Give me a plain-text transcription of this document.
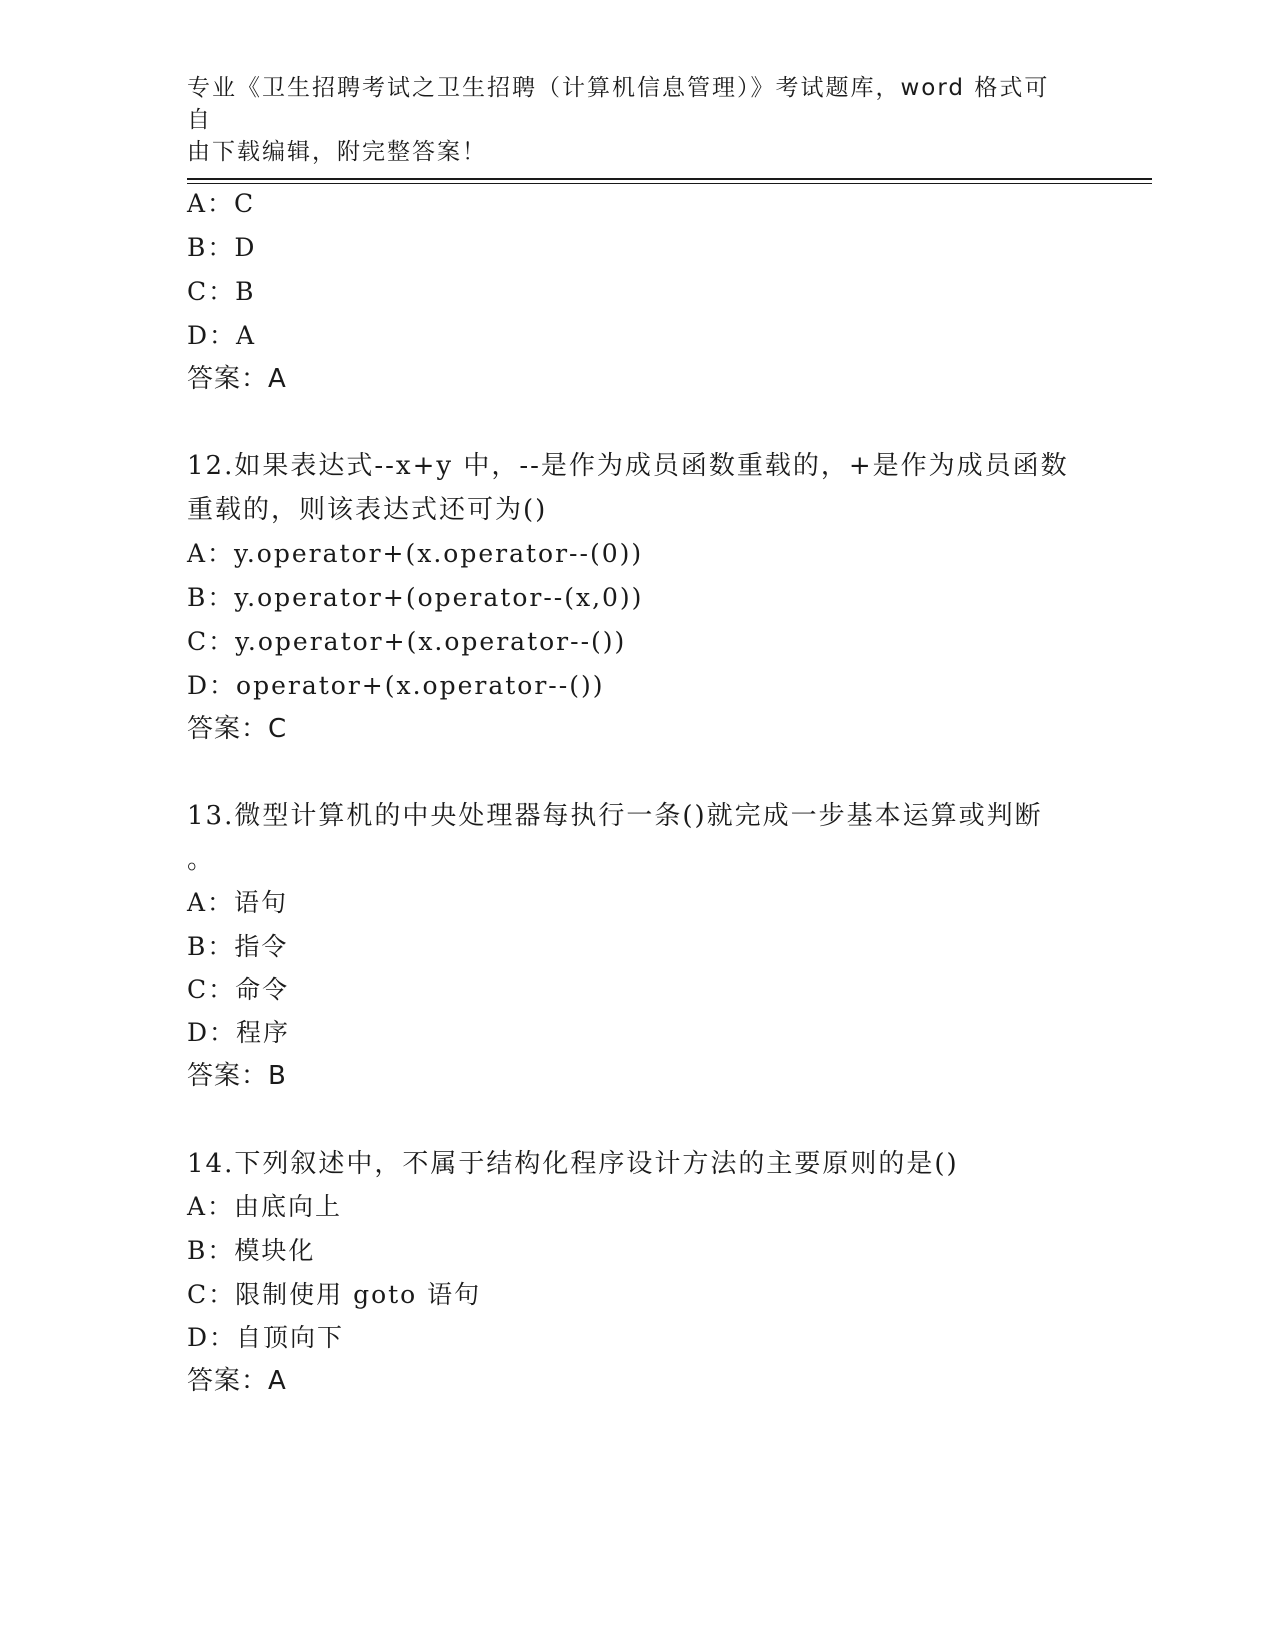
专业《卫生招聘考试之卫生招聘（计算机信息管理）》考试题库，word 格式可自
由下载编辑，附完整答案！
A：C
B：D
C：B
D：A
答案：A
12.如果表达式--x+y 中，--是作为成员函数重载的，+是作为成员函数
重载的，则该表达式还可为()
A：y.operator+(x.operator--(0))
B：y.operator+(operator--(x,0))
C：y.operator+(x.operator--())
D：operator+(x.operator--())
答案：C
13.微型计算机的中央处理器每执行一条()就完成一步基本运算或判断
。
A：语句
B：指令
C：命令
D：程序
答案：B
14.下列叙述中，不属于结构化程序设计方法的主要原则的是()
A：由底向上
B：模块化
C：限制使用 goto 语句
D：自顶向下
答案：A
